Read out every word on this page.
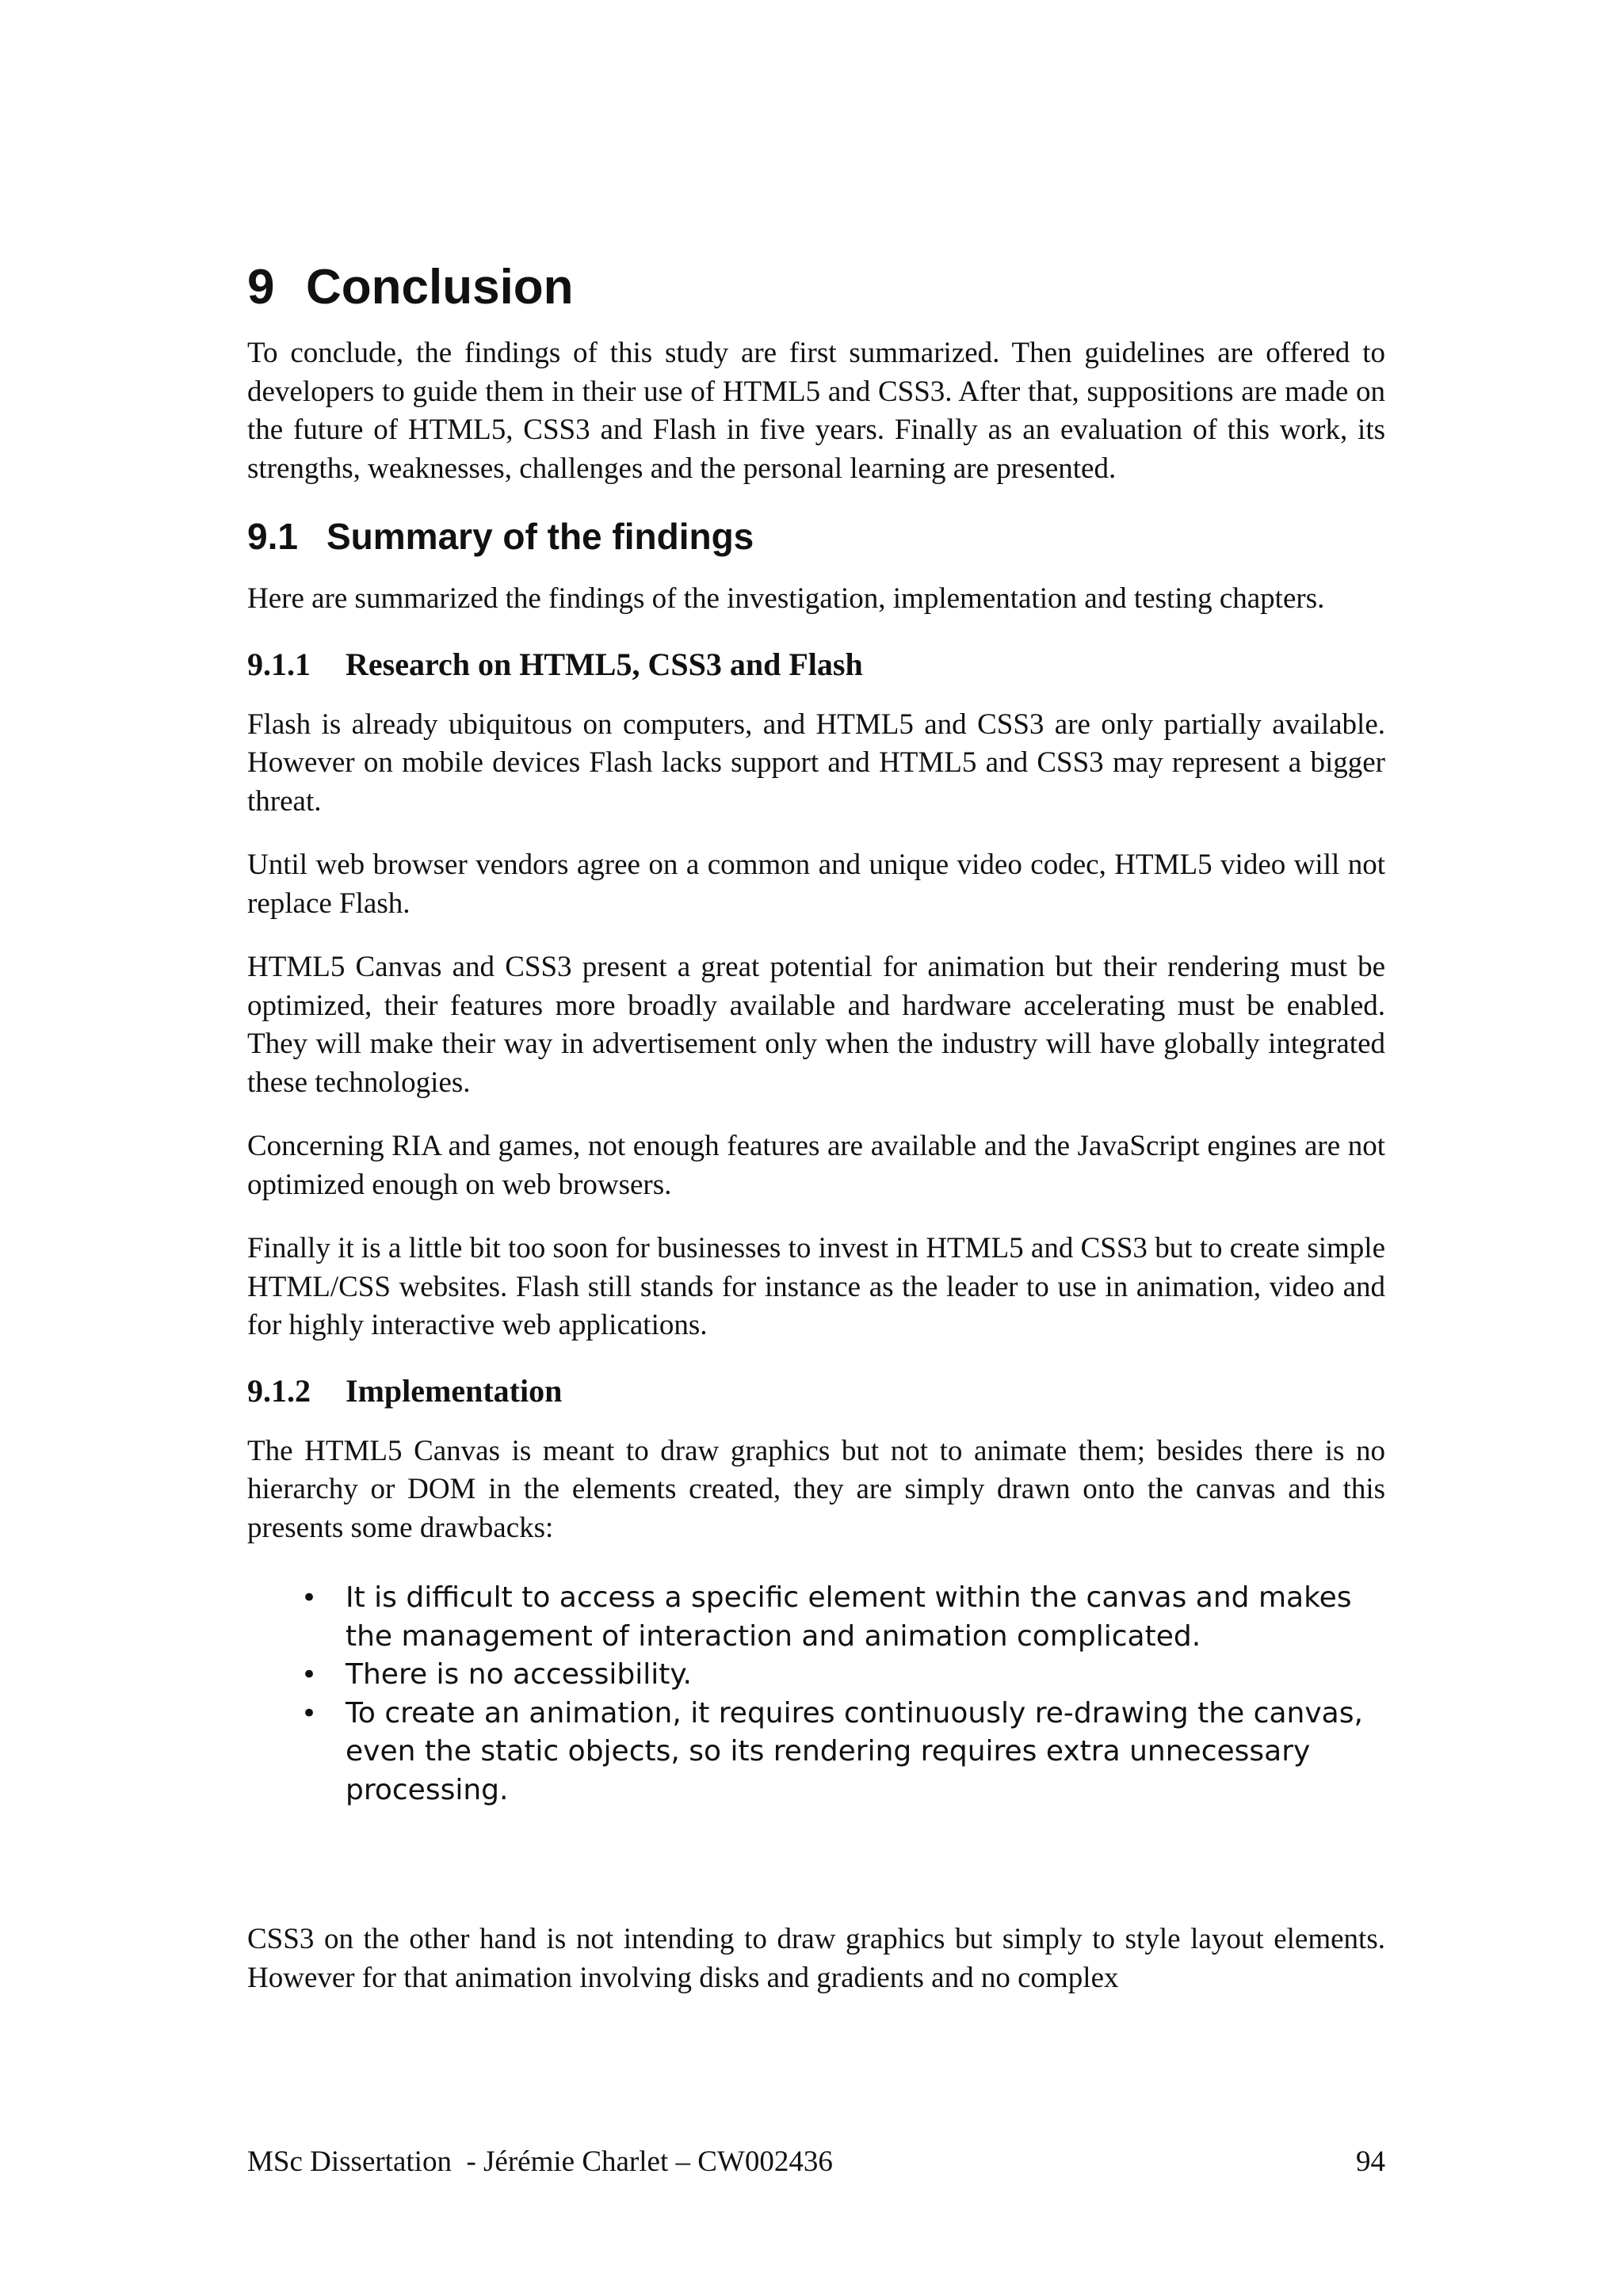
9 Conclusion

To conclude, the findings of this study are first summarized. Then guidelines are offered to developers to guide them in their use of HTML5 and CSS3. After that, suppositions are made on the future of HTML5, CSS3 and Flash in five years. Finally as an evaluation of this work, its strengths, weaknesses, challenges and the personal learning are presented.

9.1 Summary of the findings

Here are summarized the findings of the investigation, implementation and testing chapters.

9.1.1 Research on HTML5, CSS3 and Flash

Flash is already ubiquitous on computers, and HTML5 and CSS3 are only partially available. However on mobile devices Flash lacks support and HTML5 and CSS3 may represent a bigger threat.

Until web browser vendors agree on a common and unique video codec, HTML5 video will not replace Flash.

HTML5 Canvas and CSS3 present a great potential for animation but their rendering must be optimized, their features more broadly available and hardware accelerating must be enabled. They will make their way in advertisement only when the industry will have globally integrated these technologies.

Concerning RIA and games, not enough features are available and the JavaScript engines are not optimized enough on web browsers.

Finally it is a little bit too soon for businesses to invest in HTML5 and CSS3 but to create simple HTML/CSS websites. Flash still stands for instance as the leader to use in animation, video and for highly interactive web applications.

9.1.2 Implementation

The HTML5 Canvas is meant to draw graphics but not to animate them; besides there is no hierarchy or DOM in the elements created, they are simply drawn onto the canvas and this presents some drawbacks:

• It is difficult to access a specific element within the canvas and makes the management of interaction and animation complicated.
• There is no accessibility.
• To create an animation, it requires continuously re-drawing the canvas, even the static objects, so its rendering requires extra unnecessary processing.

CSS3 on the other hand is not intending to draw graphics but simply to style layout elements. However for that animation involving disks and gradients and no complex

MSc Dissertation  - Jérémie Charlet – CW002436	94
